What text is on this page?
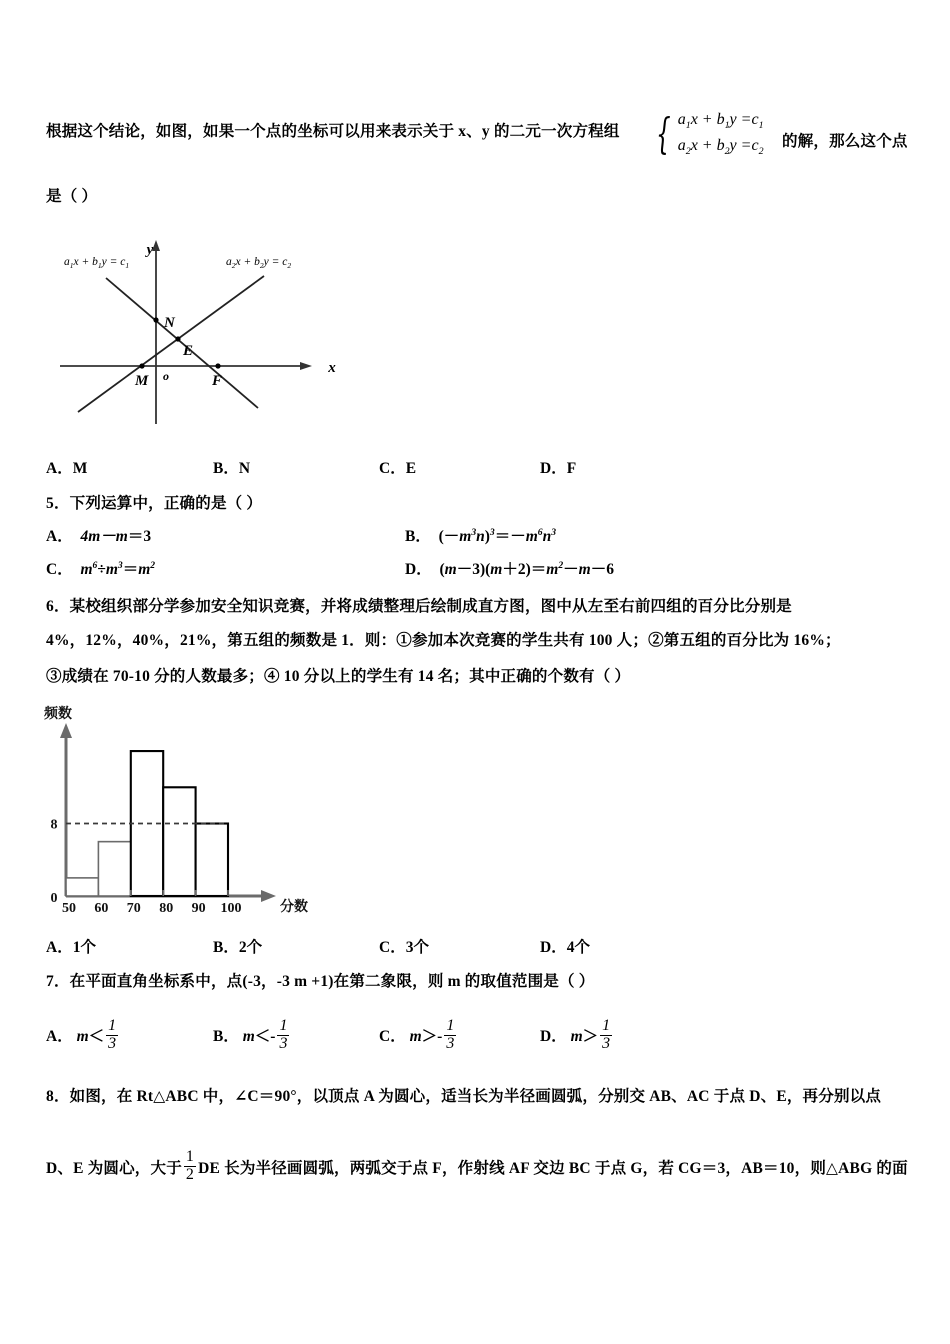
根据这个结论，如图，如果一个点的坐标可以用来表示关于 x、y 的二元一次方程组 { $a_1x + b_1y =c_1$
$a_2x + b_2y =c_2$
的解，那么这个点
是（ ）
x
y
o
N
E
M	F
$a_1x + b_1y = c_1$	$a_2x + b_2y = c_2$
A．M	B．N	C．E	D．F
5．下列运算中，正确的是（ ）
A．  4m－m＝3	B．  $(-m^3n)^3=-m^6n^3$
C． $m^6\div m^3=m^2$	D．  $(m-3)(m+2)=m^2-m-6$
6．某校组织部分学参加安全知识竞赛，并将成绩整理后绘制成直方图，图中从左至右前四组的百分比分别是
4%，12%，40%，21%，第五组的频数是 1．则：①参加本次竞赛的学生共有 100 人；②第五组的百分比为 16%；
③成绩在 70-10 分的人数最多；④ 10 分以上的学生有 14 名；其中正确的个数有（ ）
50 60 70 80 90 100
频数
分数
0
8
A．1个	B．2个	C．3个	D．4个
7．在平面直角坐标系中，点(-3，-3 m +1)在第二象限，则 m 的取值范围是（ ）
A． $m< \frac{1}{3}$	B． $m<- \frac{1}{3}$	C． $m>- \frac{1}{3}$	D． $m> \frac{1}{3}$
8．如图，在 Rt△ABC 中，∠C＝90°，以顶点 A 为圆心，适当长为半径画圆弧，分别交 AB、AC 于点 D、E，再分别以点
D、E 为圆心，大于 $\frac{1}{2}$ DE 长为半径画圆弧，两弧交于点 F，作射线 AF 交边 BC 于点 G，若 CG＝3，AB＝10，则△ABG 的面
